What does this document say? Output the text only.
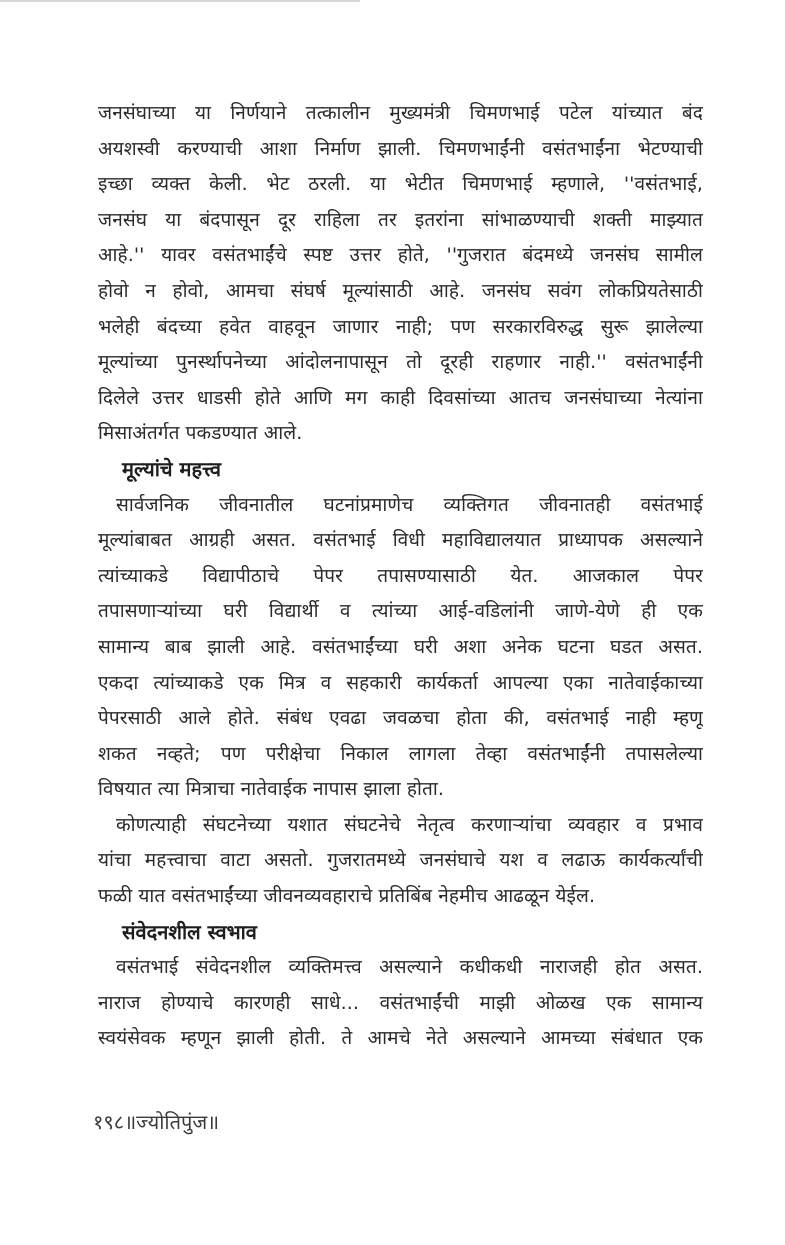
जनसंघाच्या या निर्णयाने तत्कालीन मुख्यमंत्री चिमणभाई पटेल यांच्यात बंद
अयशस्वी करण्याची आशा निर्माण झाली. चिमणभाईंनी वसंतभाईंना भेटण्याची
इच्छा व्यक्त केली. भेट ठरली. या भेटीत चिमणभाई म्हणाले, ''वसंतभाई,
जनसंघ या बंदपासून दूर राहिला तर इतरांना सांभाळण्याची शक्ती माझ्यात
आहे.'' यावर वसंतभाईंचे स्पष्ट उत्तर होते, ''गुजरात बंदमध्ये जनसंघ सामील
होवो न होवो, आमचा संघर्ष मूल्यांसाठी आहे. जनसंघ सवंग लोकप्रियतेसाठी
भलेही बंदच्या हवेत वाहवून जाणार नाही; पण सरकारविरुद्ध सुरू झालेल्या
मूल्यांच्या पुनर्स्थापनेच्या आंदोलनापासून तो दूरही राहणार नाही.'' वसंतभाईंनी
दिलेले उत्तर धाडसी होते आणि मग काही दिवसांच्या आतच जनसंघाच्या नेत्यांना
मिसाअंतर्गत पकडण्यात आले.
मूल्यांचे महत्त्व
सार्वजनिक जीवनातील घटनांप्रमाणेच व्यक्तिगत जीवनातही वसंतभाई
मूल्यांबाबत आग्रही असत. वसंतभाई विधी महाविद्यालयात प्राध्यापक असल्याने
त्यांच्याकडे विद्यापीठाचे पेपर तपासण्यासाठी येत. आजकाल पेपर
तपासणाऱ्यांच्या घरी विद्यार्थी व त्यांच्या आई-वडिलांनी जाणे-येणे ही एक
सामान्य बाब झाली आहे. वसंतभाईंच्या घरी अशा अनेक घटना घडत असत.
एकदा त्यांच्याकडे एक मित्र व सहकारी कार्यकर्ता आपल्या एका नातेवाईकाच्या
पेपरसाठी आले होते. संबंध एवढा जवळचा होता की, वसंतभाई नाही म्हणू
शकत नव्हते; पण परीक्षेचा निकाल लागला तेव्हा वसंतभाईंनी तपासलेल्या
विषयात त्या मित्राचा नातेवाईक नापास झाला होता.
कोणत्याही संघटनेच्या यशात संघटनेचे नेतृत्व करणाऱ्यांचा व्यवहार व प्रभाव
यांचा महत्त्वाचा वाटा असतो. गुजरातमध्ये जनसंघाचे यश व लढाऊ कार्यकर्त्यांची
फळी यात वसंतभाईंच्या जीवनव्यवहाराचे प्रतिबिंब नेहमीच आढळून येईल.
संवेदनशील स्वभाव
वसंतभाई संवेदनशील व्यक्तिमत्त्व असल्याने कधीकधी नाराजही होत असत.
नाराज होण्याचे कारणही साधे... वसंतभाईंची माझी ओळख एक सामान्य
स्वयंसेवक म्हणून झाली होती. ते आमचे नेते असल्याने आमच्या संबंधात एक
१९८॥ज्योतिपुंज॥
